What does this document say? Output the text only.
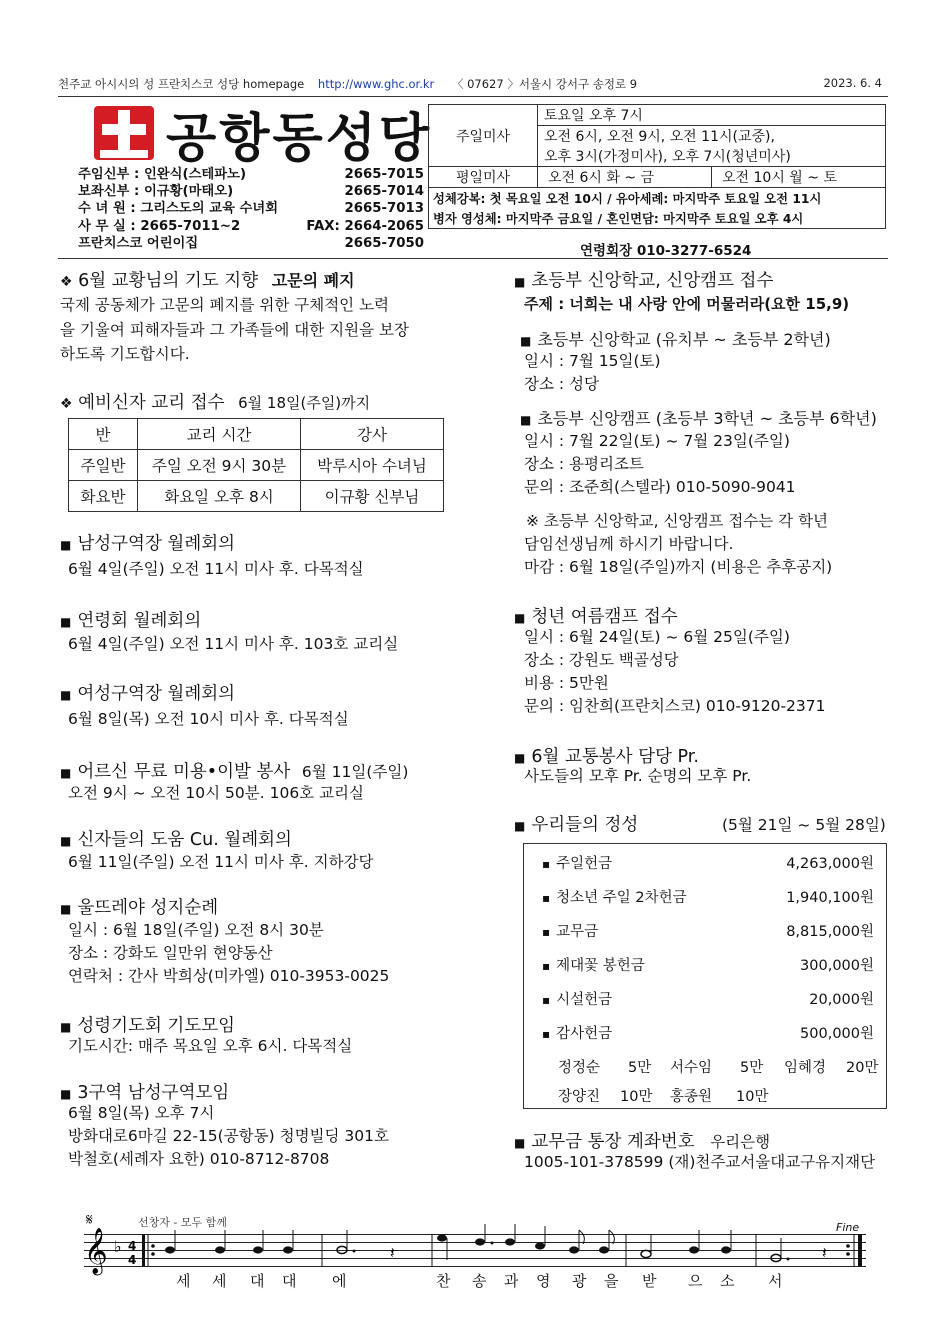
천주교 아시시의 성 프란치스코 성당 homepage http://www.ghc.or.kr 〈 07627 〉서울시 강서구 송정로 9	2023. 6. 4
공항동성당
주임신부 : 인완식(스테파노)	2665-7015
보좌신부 : 이규황(마태오)	2665-7014
수 녀 원 : 그리스도의 교육 수녀회	2665-7013
사 무 실 : 2665-7011~2	FAX: 2664-2065
프란치스코 어린이집	2665-7050
주일미사	토요일 오후 7시
	오전 6시, 오전 9시, 오전 11시(교중),
	오후 3시(가정미사), 오후 7시(청년미사)
평일미사	오전 6시 화 ~ 금 오전 10시 월 ~ 토

성체강복: 첫 목요일 오전 10시 / 유아세례: 마지막주 토요일 오전 11시	
병자 영성체: 마지막주 금요일 / 혼인면담: 마지막주 토요일 오후 4시	
연령회장 010-3277-6524
❖ 6월 교황님의 기도 지향 고문의 폐지
국제 공동체가 고문의 폐지를 위한 구체적인 노력
을 기울여 피해자들과 그 가족들에 대한 지원을 보장
하도록 기도합시다.
❖ 예비신자 교리 접수 6월 18일(주일)까지
반	교리 시간	강사
주일반	주일 오전 9시 30분	박루시아 수녀님
화요반	화요일 오후 8시	이규황 신부님
■ 남성구역장 월례회의
6월 4일(주일) 오전 11시 미사 후. 다목적실
■ 연령회 월례회의
6월 4일(주일) 오전 11시 미사 후. 103호 교리실
■ 여성구역장 월례회의
6월 8일(목) 오전 10시 미사 후. 다목적실
■ 어르신 무료 미용•이발 봉사 6월 11일(주일)
오전 9시 ~ 오전 10시 50분. 106호 교리실
■ 신자들의 도움 Cu. 월례회의
6월 11일(주일) 오전 11시 미사 후. 지하강당
■ 울뜨레야 성지순례
일시 : 6월 18일(주일) 오전 8시 30분
장소 : 강화도 일만위 현양동산
연락처 : 간사 박희상(미카엘) 010-3953-0025
■ 성령기도회 기도모임
기도시간: 매주 목요일 오후 6시. 다목적실
■ 3구역 남성구역모임
6월 8일(목) 오후 7시
방화대로6마길 22-15(공항동) 청명빌딩 301호
박철호(세례자 요한) 010-8712-8708
■ 초등부 신앙학교, 신앙캠프 접수
주제 : 너희는 내 사랑 안에 머물러라(요한 15,9)
■ 초등부 신앙학교 (유치부 ~ 초등부 2학년)
일시 : 7월 15일(토)
장소 : 성당
■ 초등부 신앙캠프 (초등부 3학년 ~ 초등부 6학년)
일시 : 7월 22일(토) ~ 7월 23일(주일)
장소 : 용평리조트
문의 : 조준희(스텔라) 010-5090-9041
※ 초등부 신앙학교, 신앙캠프 접수는 각 학년
담임선생님께 하시기 바랍니다.
마감 : 6월 18일(주일)까지 (비용은 추후공지)
■ 청년 여름캠프 접수
일시 : 6월 24일(토) ~ 6월 25일(주일)
장소 : 강원도 백골성당
비용 : 5만원
문의 : 임찬희(프란치스코) 010-9120-2371
■ 6월 교통봉사 담당 Pr.
사도들의 모후 Pr. 순명의 모후 Pr.
■ 우리들의 정성	(5월 21일 ~ 5월 28일)
▪ 주일헌금	4,263,000원
▪ 청소년 주일 2차헌금	1,940,100원
▪ 교무금	8,815,000원
▪ 제대꽃 봉헌금	300,000원
▪ 시설헌금	20,000원
▪ 감사헌금	500,000원
정정순 5만 서수임 5만 임혜경 20만
장양진 10만 홍종원 10만
■ 교무금 통장 계좌번호 우리은행
1005-101-378599 (재)천주교서울대교구유지재단
선창자 - 모두 함께	Fine
𝄋
𝄞 ♭ 4
4	𝄽	𝄽
세 세 대 대 에	찬 송 과 영 광 을 받 으 소 서
